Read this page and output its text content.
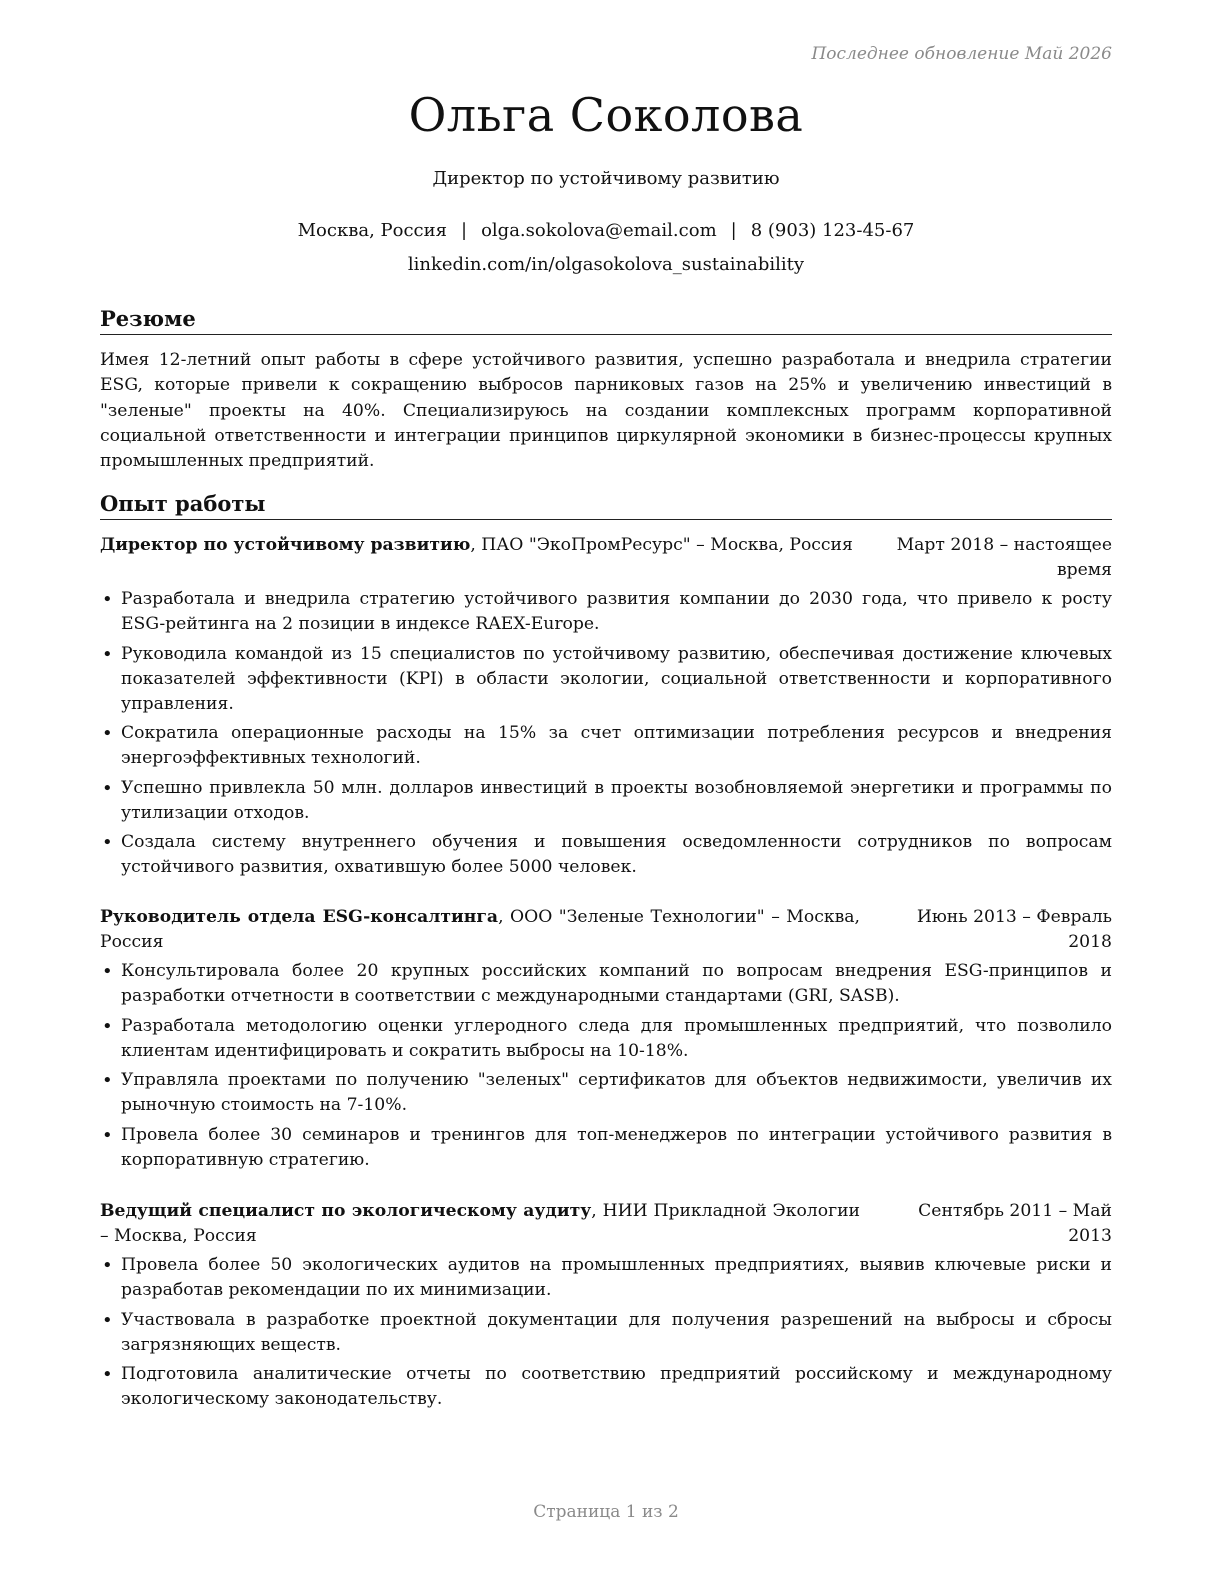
Последнее обновление Май 2026
Ольга Соколова
Директор по устойчивому развитию
Москва, Россия | olga.sokolova@email.com | 8 (903) 123-45-67
linkedin.com/in/olgasokolova_sustainability
Резюме
Имея 12-летний опыт работы в сфере устойчивого развития, успешно разработала и внедрила стратегии ESG, которые привели к сокращению выбросов парниковых газов на 25% и увеличению инвестиций в "зеленые" проекты на 40%. Специализируюсь на создании комплексных программ корпоративной социальной ответственности и интеграции принципов циркулярной экономики в бизнес-процессы крупных промышленных предприятий.
Опыт работы
Директор по устойчивому развитию, ПАО "ЭкоПромРесурс" – Москва, Россия	Март 2018 – настоящее время
• Разработала и внедрила стратегию устойчивого развития компании до 2030 года, что привело к росту ESG-рейтинга на 2 позиции в индексе RAEX-Europe.
• Руководила командой из 15 специалистов по устойчивому развитию, обеспечивая достижение ключевых показателей эффективности (KPI) в области экологии, социальной ответственности и корпоративного управления.
• Сократила операционные расходы на 15% за счет оптимизации потребления ресурсов и внедрения энергоэффективных технологий.
• Успешно привлекла 50 млн. долларов инвестиций в проекты возобновляемой энергетики и программы по утилизации отходов.
• Создала систему внутреннего обучения и повышения осведомленности сотрудников по вопросам устойчивого развития, охватившую более 5000 человек.
Руководитель отдела ESG-консалтинга, ООО "Зеленые Технологии" – Москва, Россия
Июнь 2013 – Февраль 2018
• Консультировала более 20 крупных российских компаний по вопросам внедрения ESG-принципов и разработки отчетности в соответствии с международными стандартами (GRI, SASB).
• Разработала методологию оценки углеродного следа для промышленных предприятий, что позволило клиентам идентифицировать и сократить выбросы на 10-18%.
• Управляла проектами по получению "зеленых" сертификатов для объектов недвижимости, увеличив их рыночную стоимость на 7-10%.
• Провела более 30 семинаров и тренингов для топ-менеджеров по интеграции устойчивого развития в корпоративную стратегию.
Ведущий специалист по экологическому аудиту, НИИ Прикладной Экологии – Москва, Россия
Сентябрь 2011 – Май 2013
• Провела более 50 экологических аудитов на промышленных предприятиях, выявив ключевые риски и разработав рекомендации по их минимизации.
• Участвовала в разработке проектной документации для получения разрешений на выбросы и сбросы загрязняющих веществ.
• Подготовила аналитические отчеты по соответствию предприятий российскому и международному экологическому законодательству.
Страница 1 из 2
